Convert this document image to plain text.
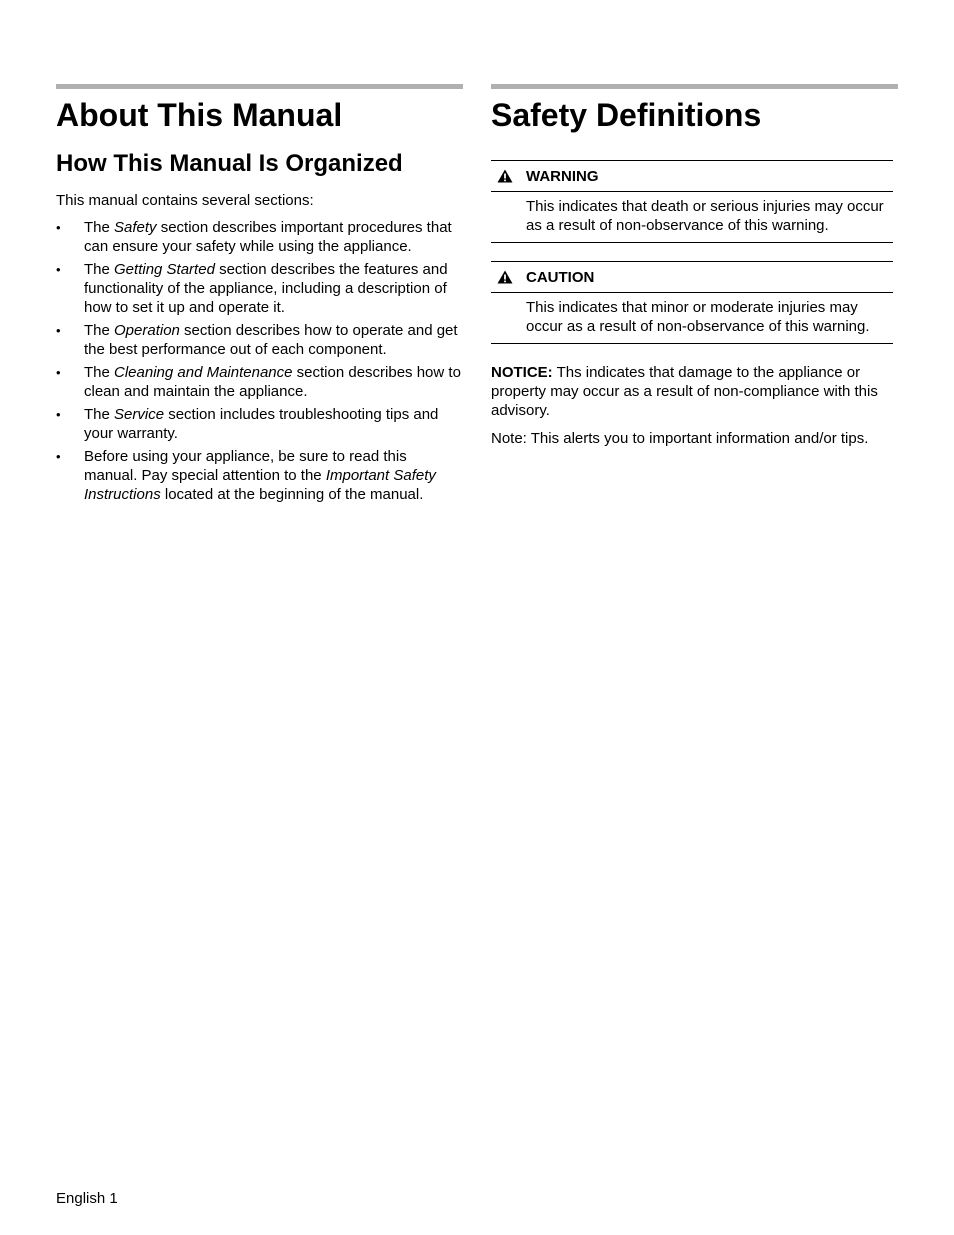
About This Manual
How This Manual Is Organized

This manual contains several sections:

• The Safety section describes important procedures that can ensure your safety while using the appliance.
• The Getting Started section describes the features and functionality of the appliance, including a description of how to set it up and operate it.
• The Operation section describes how to operate and get the best performance out of each component.
• The Cleaning and Maintenance section describes how to clean and maintain the appliance.
• The Service section includes troubleshooting tips and your warranty.
• Before using your appliance, be sure to read this manual. Pay special attention to the Important Safety Instructions located at the beginning of the manual.
Safety Definitions
WARNING

This indicates that death or serious injuries may occur as a result of non-observance of this warning.

CAUTION

This indicates that minor or moderate injuries may occur as a result of non-observance of this warning.

NOTICE: Ths indicates that damage to the appliance or property may occur as a result of non-compliance with this advisory.

Note: This alerts you to important information and/or tips.

English 1
